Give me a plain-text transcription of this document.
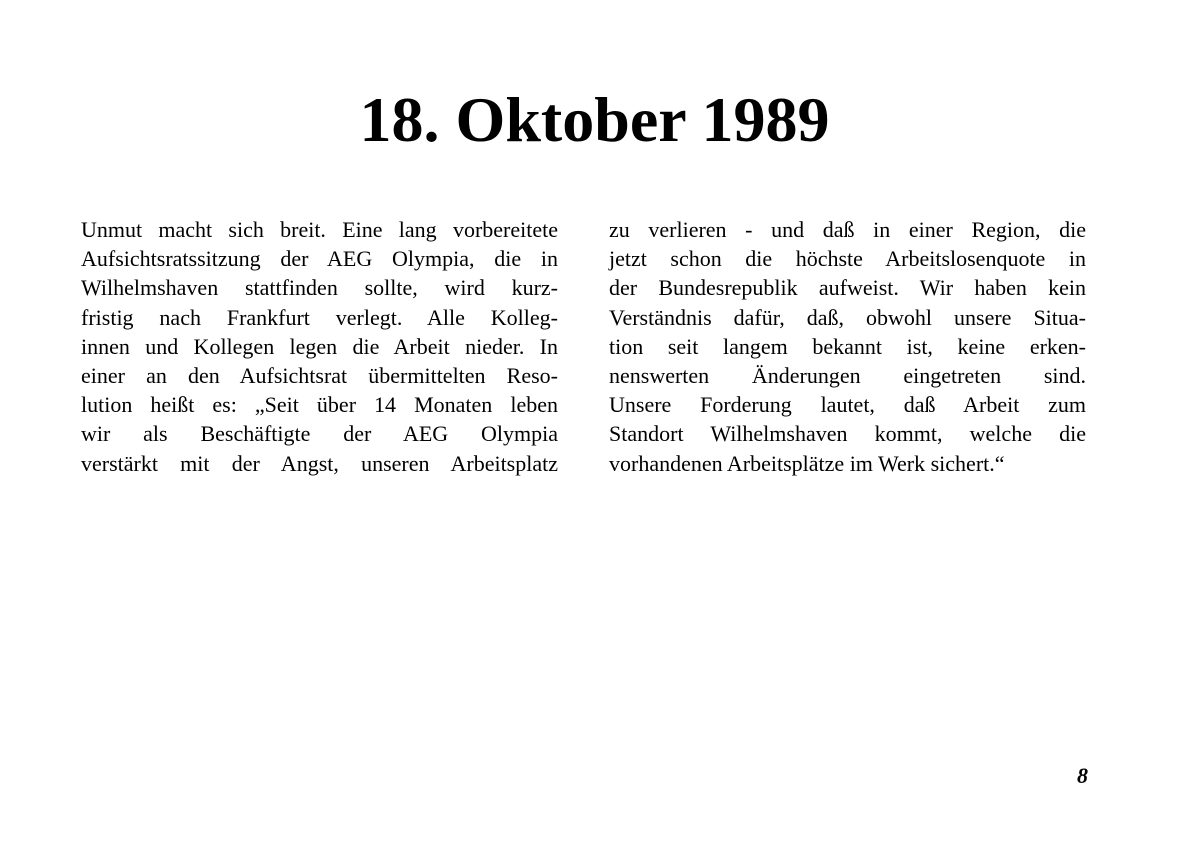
18. Oktober 1989
Unmut macht sich breit. Eine lang vorbereitete
Aufsichtsratssitzung der AEG Olympia, die in
Wilhelmshaven stattfinden sollte, wird kurz-
fristig nach Frankfurt verlegt. Alle Kolleg-
innen und Kollegen legen die Arbeit nieder. In
einer an den Aufsichtsrat übermittelten Reso-
lution heißt es: „Seit über 14 Monaten leben
wir als Beschäftigte der AEG Olympia
verstärkt mit der Angst, unseren Arbeitsplatz
zu verlieren - und daß in einer Region, die
jetzt schon die höchste Arbeitslosenquote in
der Bundesrepublik aufweist. Wir haben kein
Verständnis dafür, daß, obwohl unsere Situa-
tion seit langem bekannt ist, keine erken-
nenswerten Änderungen eingetreten sind.
Unsere Forderung lautet, daß Arbeit zum
Standort Wilhelmshaven kommt, welche die
vorhandenen Arbeitsplätze im Werk sichert.“
8
